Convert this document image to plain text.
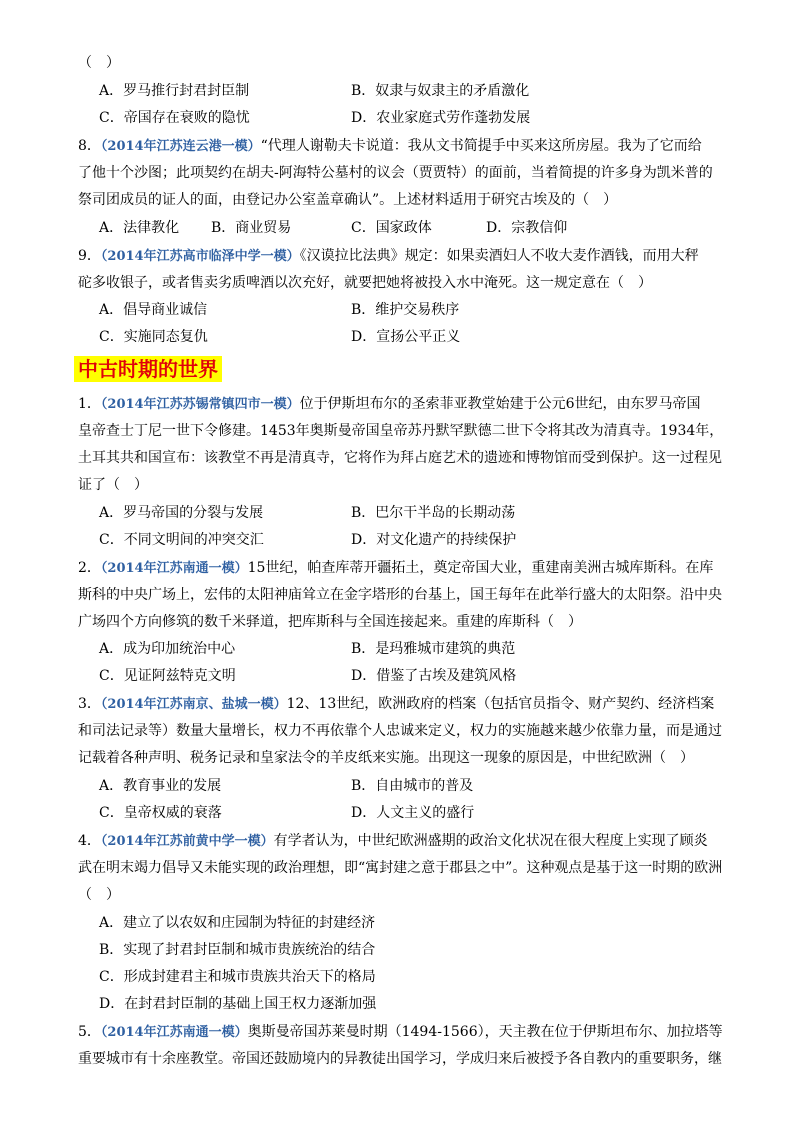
（　）
A．罗马推行封君封臣制	B．奴隶与奴隶主的矛盾激化
C．帝国存在衰败的隐忧	D．农业家庭式劳作蓬勃发展
8．（2014年江苏连云港一模）“代理人谢勒夫卡说道：我从文书简提手中买来这所房屋。我为了它而给
了他十个沙图；此项契约在胡夫-阿海特公墓村的议会（贾贾特）的面前，当着简提的许多身为凯米普的
祭司团成员的证人的面，由登记办公室盖章确认”。上述材料适用于研究古埃及的（　）
A．法律教化 B．商业贸易	C．国家政体	D．宗教信仰
9．（2014年江苏高市临泽中学一模）《汉谟拉比法典》规定：如果卖酒妇人不收大麦作酒钱，而用大秤
砣多收银子，或者售卖劣质啤酒以次充好，就要把她将被投入水中淹死。这一规定意在（　）
A．倡导商业诚信	B．维护交易秩序
C．实施同态复仇	D．宣扬公平正义
中古时期的世界
1．（2014年江苏苏锡常镇四市一模）位于伊斯坦布尔的圣索菲亚教堂始建于公元6世纪，由东罗马帝国
皇帝查士丁尼一世下令修建。1453年奥斯曼帝国皇帝苏丹默罕默德二世下令将其改为清真寺。1934年，
土耳其共和国宣布：该教堂不再是清真寺，它将作为拜占庭艺术的遗迹和博物馆而受到保护。这一过程见
证了（　）
A．罗马帝国的分裂与发展	B．巴尔干半岛的长期动荡
C．不同文明间的冲突交汇	D．对文化遗产的持续保护
2．（2014年江苏南通一模）15世纪，帕查库蒂开疆拓土，奠定帝国大业，重建南美洲古城库斯科。在库
斯科的中央广场上，宏伟的太阳神庙耸立在金字塔形的台基上，国王每年在此举行盛大的太阳祭。沿中央
广场四个方向修筑的数千米驿道，把库斯科与全国连接起来。重建的库斯科（　）
A．成为印加统治中心	B．是玛雅城市建筑的典范
C．见证阿兹特克文明	D．借鉴了古埃及建筑风格
3．（2014年江苏南京、盐城一模）12、13世纪，欧洲政府的档案（包括官员指令、财产契约、经济档案
和司法记录等）数量大量增长，权力不再依靠个人忠诚来定义，权力的实施越来越少依靠力量，而是通过
记载着各种声明、税务记录和皇家法令的羊皮纸来实施。出现这一现象的原因是，中世纪欧洲（　）
A．教育事业的发展	B．自由城市的普及
C．皇帝权威的衰落	D．人文主义的盛行
4．（2014年江苏前黄中学一模）有学者认为，中世纪欧洲盛期的政治文化状况在很大程度上实现了顾炎
武在明末竭力倡导又未能实现的政治理想，即“寓封建之意于郡县之中”。这种观点是基于这一时期的欧洲
（　）
A．建立了以农奴和庄园制为特征的封建经济
B．实现了封君封臣制和城市贵族统治的结合
C．形成封建君主和城市贵族共治天下的格局
D．在封君封臣制的基础上国王权力逐渐加强
5．（2014年江苏南通一模）奥斯曼帝国苏莱曼时期（1494-1566），天主教在位于伊斯坦布尔、加拉塔等
重要城市有十余座教堂。帝国还鼓励境内的异教徒出国学习，学成归来后被授予各自教内的重要职务，继
